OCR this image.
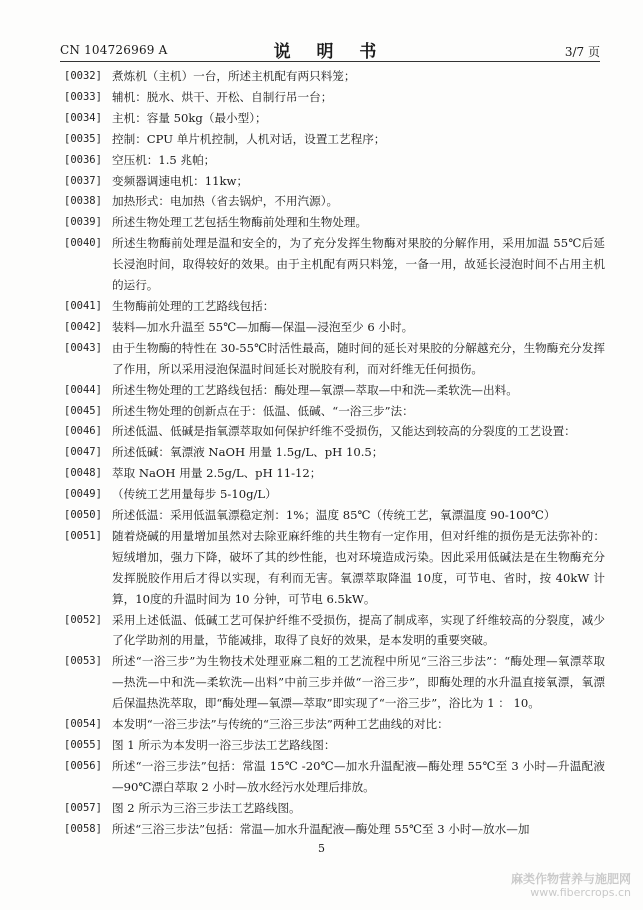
CN 104726969 A	说 明 书	3/7 页
[0032] 煮炼机（主机）一台，所述主机配有两只料笼；
[0033] 辅机：脱水、烘干、开松、自制行吊一台；
[0034] 主机：容量 50kg（最小型）；
[0035] 控制：CPU 单片机控制，人机对话，设置工艺程序；
[0036] 空压机：1.5 兆帕；
[0037] 变频器调速电机：11kw；
[0038] 加热形式：电加热（省去锅炉，不用汽源）。
[0039] 所述生物处理工艺包括生物酶前处理和生物处理。
[0040] 所述生物酶前处理是温和安全的，为了充分发挥生物酶对果胶的分解作用，采用加温 55℃后延长浸泡时间，取得较好的效果。由于主机配有两只料笼，一备一用，故延长浸泡时间不占用主机的运行。
[0041] 生物酶前处理的工艺路线包括：
[0042] 装料—加水升温至 55℃—加酶—保温—浸泡至少 6 小时。
[0043] 由于生物酶的特性在 30-55℃时活性最高，随时间的延长对果胶的分解越充分，生物酶充分发挥了作用，所以采用浸泡保温时间延长对脱胶有利，而对纤维无任何损伤。
[0044] 所述生物处理的工艺路线包括：酶处理—氧漂—萃取—中和洗—柔软洗—出料。
[0045] 所述生物处理的创新点在于：低温、低碱、“一浴三步”法：
[0046] 所述低温、低碱是指氧漂萃取如何保护纤维不受损伤，又能达到较高的分裂度的工艺设置：
[0047] 所述低碱：氧漂液 NaOH 用量 1.5g/L、pH 10.5；
[0048] 萃取 NaOH 用量 2.5g/L、pH 11-12；
[0049] （传统工艺用量每步 5-10g/L）
[0050] 所述低温：采用低温氧漂稳定剂：1%；温度 85℃（传统工艺，氧漂温度 90-100℃）
[0051] 随着烧碱的用量增加虽然对去除亚麻纤维的共生物有一定作用，但对纤维的损伤是无法弥补的：短绒增加，强力下降，破坏了其的纱性能，也对环境造成污染。因此采用低碱法是在生物酶充分发挥脱胶作用后才得以实现，有利而无害。氧漂萃取降温 10度，可节电、省时，按 40kW 计算，10度的升温时间为 10 分钟，可节电 6.5kW。
[0052] 采用上述低温、低碱工艺可保护纤维不受损伤，提高了制成率，实现了纤维较高的分裂度，减少了化学助剂的用量，节能减排，取得了良好的效果，是本发明的重要突破。
[0053] 所述“一浴三步”为生物技术处理亚麻二粗的工艺流程中所见“三浴三步法”：“酶处理—氧漂萃取—热洗—中和洗—柔软洗—出料”中前三步并做“一浴三步”，即酶处理的水升温直接氧漂，氧漂后保温热洗萃取，即“酶处理—氧漂—萃取”即实现了“一浴三步”，浴比为 1 ： 10。
[0054] 本发明“一浴三步法”与传统的“三浴三步法”两种工艺曲线的对比：
[0055] 图 1 所示为本发明一浴三步法工艺路线图：
[0056] 所述“一浴三步法”包括：常温 15℃ -20℃—加水升温配液—酶处理 55℃至 3 小时—升温配液—90℃漂白萃取 2 小时—放水经污水处理后排放。
[0057] 图 2 所示为三浴三步法工艺路线图。
[0058] 所述“三浴三步法”包括：常温—加水升温配液—酶处理 55℃至 3 小时—放水—加
5
麻类作物营养与施肥网
www.fibercrops.cn
